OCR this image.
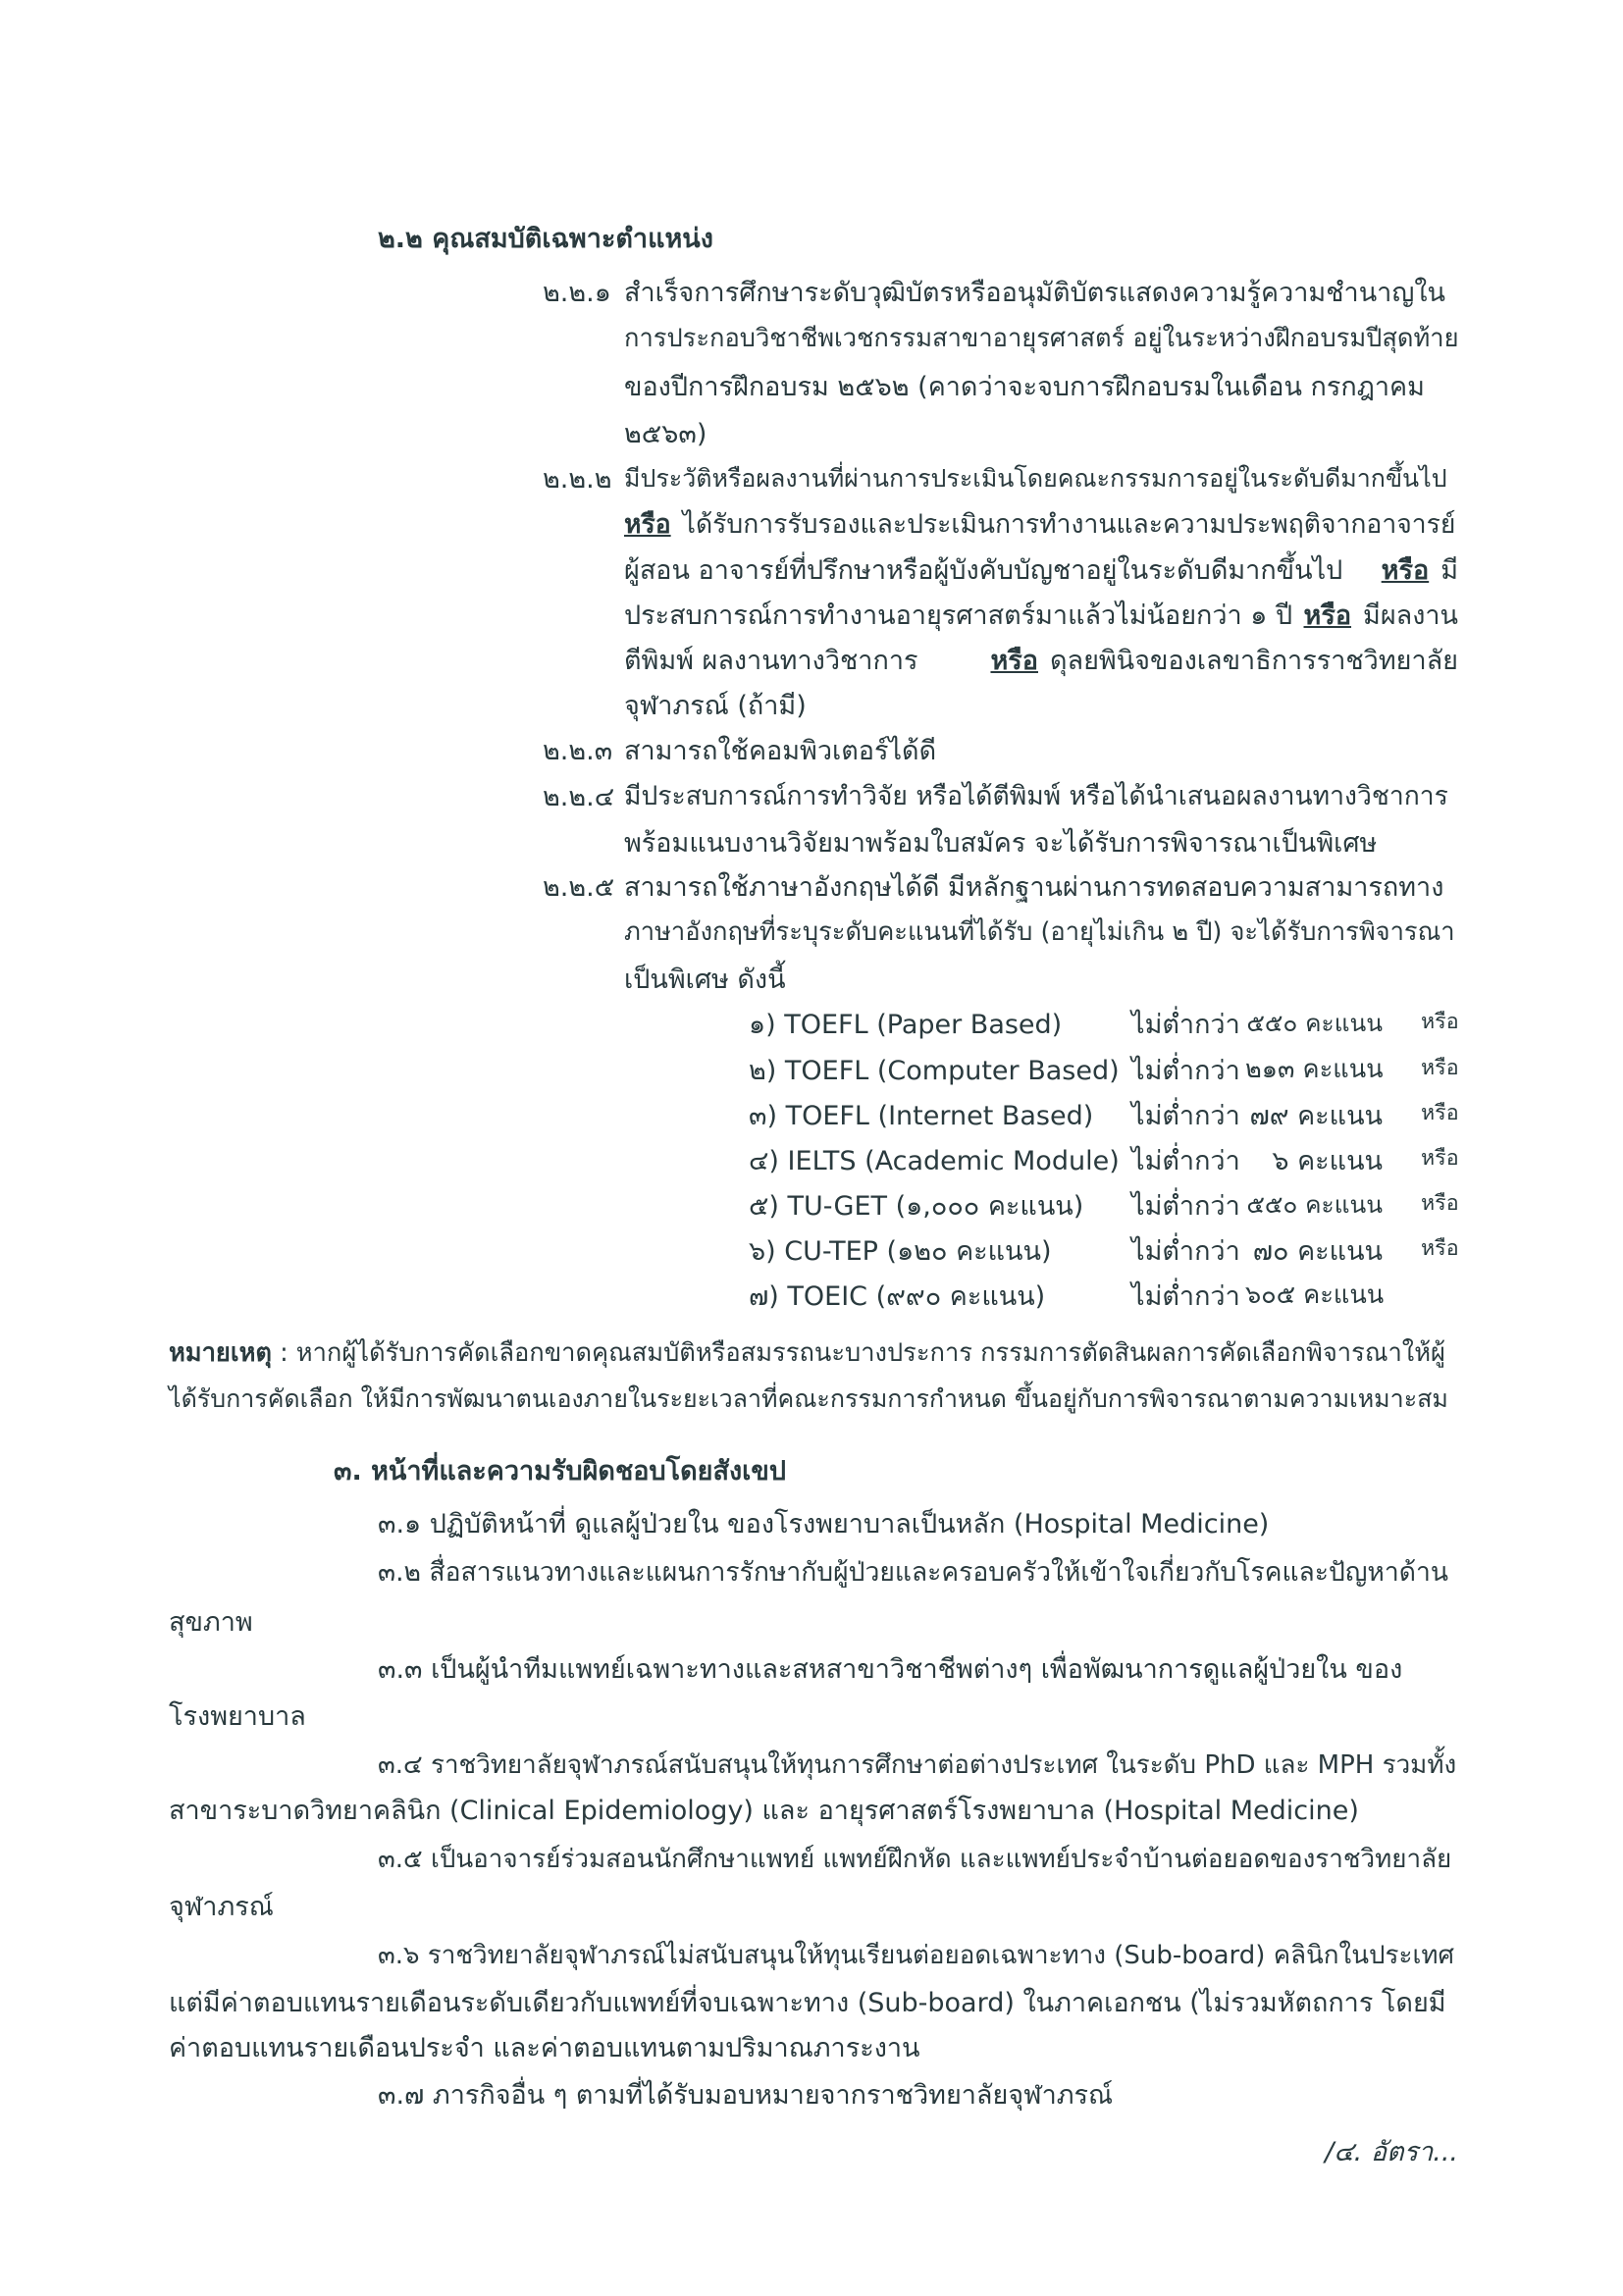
๒.๒ คุณสมบัติเฉพาะตำแหน่ง
๒.๒.๑ สำเร็จการศึกษาระดับวุฒิบัตรหรืออนุมัติบัตรแสดงความรู้ความชำนาญใน
การประกอบวิชาชีพเวชกรรมสาขาอายุรศาสตร์ อยู่ในระหว่างฝึกอบรมปีสุดท้าย
ของปีการฝึกอบรม ๒๕๖๒ (คาดว่าจะจบการฝึกอบรมในเดือน กรกฎาคม
๒๕๖๓)
๒.๒.๒ มีประวัติหรือผลงานที่ผ่านการประเมินโดยคณะกรรมการอยู่ในระดับดีมากขึ้นไป
หรือ ได้รับการรับรองและประเมินการทำงานและความประพฤติจากอาจารย์
ผู้สอน อาจารย์ที่ปรึกษาหรือผู้บังคับบัญชาอยู่ในระดับดีมากขึ้นไป หรือ มี
ประสบการณ์การทำงานอายุรศาสตร์มาแล้วไม่น้อยกว่า ๑ ปี หรือ มีผลงาน
ตีพิมพ์ ผลงานทางวิชาการ	หรือ ดุลยพินิจของเลขาธิการราชวิทยาลัย
จุฬาภรณ์ (ถ้ามี)
๒.๒.๓ สามารถใช้คอมพิวเตอร์ได้ดี
๒.๒.๔ มีประสบการณ์การทำวิจัย หรือได้ตีพิมพ์ หรือได้นำเสนอผลงานทางวิชาการ
พร้อมแนบงานวิจัยมาพร้อมใบสมัคร จะได้รับการพิจารณาเป็นพิเศษ
๒.๒.๕ สามารถใช้ภาษาอังกฤษได้ดี มีหลักฐานผ่านการทดสอบความสามารถทาง
ภาษาอังกฤษที่ระบุระดับคะแนนที่ได้รับ (อายุไม่เกิน ๒ ปี) จะได้รับการพิจารณา
เป็นพิเศษ ดังนี้
๑) TOEFL (Paper Based)	ไม่ต่ำกว่า ๕๕๐ คะแนน หรือ
๒) TOEFL (Computer Based) ไม่ต่ำกว่า ๒๑๓ คะแนน หรือ
๓) TOEFL (Internet Based) ไม่ต่ำกว่า ๗๙ คะแนน หรือ
๔) IELTS (Academic Module) ไม่ต่ำกว่า	๖ คะแนน หรือ
๕) TU-GET (๑,๐๐๐ คะแนน) ไม่ต่ำกว่า ๕๕๐ คะแนน หรือ
๖) CU-TEP (๑๒๐ คะแนน)	ไม่ต่ำกว่า ๗๐ คะแนน หรือ
๗) TOEIC (๙๙๐ คะแนน)	ไม่ต่ำกว่า ๖๐๕ คะแนน
หมายเหตุ : หากผู้ได้รับการคัดเลือกขาดคุณสมบัติหรือสมรรถนะบางประการ กรรมการตัดสินผลการคัดเลือกพิจารณาให้ผู้
ได้รับการคัดเลือก ให้มีการพัฒนาตนเองภายในระยะเวลาที่คณะกรรมการกำหนด ขึ้นอยู่กับการพิจารณาตามความเหมาะสม
๓. หน้าที่และความรับผิดชอบโดยสังเขป
๓.๑ ปฏิบัติหน้าที่ ดูแลผู้ป่วยใน ของโรงพยาบาลเป็นหลัก (Hospital Medicine)
๓.๒ สื่อสารแนวทางและแผนการรักษากับผู้ป่วยและครอบครัวให้เข้าใจเกี่ยวกับโรคและปัญหาด้าน
สุขภาพ
๓.๓ เป็นผู้นำทีมแพทย์เฉพาะทางและสหสาขาวิชาชีพต่างๆ เพื่อพัฒนาการดูแลผู้ป่วยใน ของ
โรงพยาบาล
๓.๔ ราชวิทยาลัยจุฬาภรณ์สนับสนุนให้ทุนการศึกษาต่อต่างประเทศ ในระดับ PhD และ MPH รวมทั้ง
สาขาระบาดวิทยาคลินิก (Clinical Epidemiology) และ อายุรศาสตร์โรงพยาบาล (Hospital Medicine)
๓.๕ เป็นอาจารย์ร่วมสอนนักศึกษาแพทย์ แพทย์ฝึกหัด และแพทย์ประจำบ้านต่อยอดของราชวิทยาลัย
จุฬาภรณ์
๓.๖ ราชวิทยาลัยจุฬาภรณ์ไม่สนับสนุนให้ทุนเรียนต่อยอดเฉพาะทาง (Sub-board) คลินิกในประเทศ
แต่มีค่าตอบแทนรายเดือนระดับเดียวกับแพทย์ที่จบเฉพาะทาง (Sub-board) ในภาคเอกชน (ไม่รวมหัตถการ โดยมี
ค่าตอบแทนรายเดือนประจำ และค่าตอบแทนตามปริมาณภาระงาน
๓.๗ ภารกิจอื่น ๆ ตามที่ได้รับมอบหมายจากราชวิทยาลัยจุฬาภรณ์
/๔. อัตรา...
